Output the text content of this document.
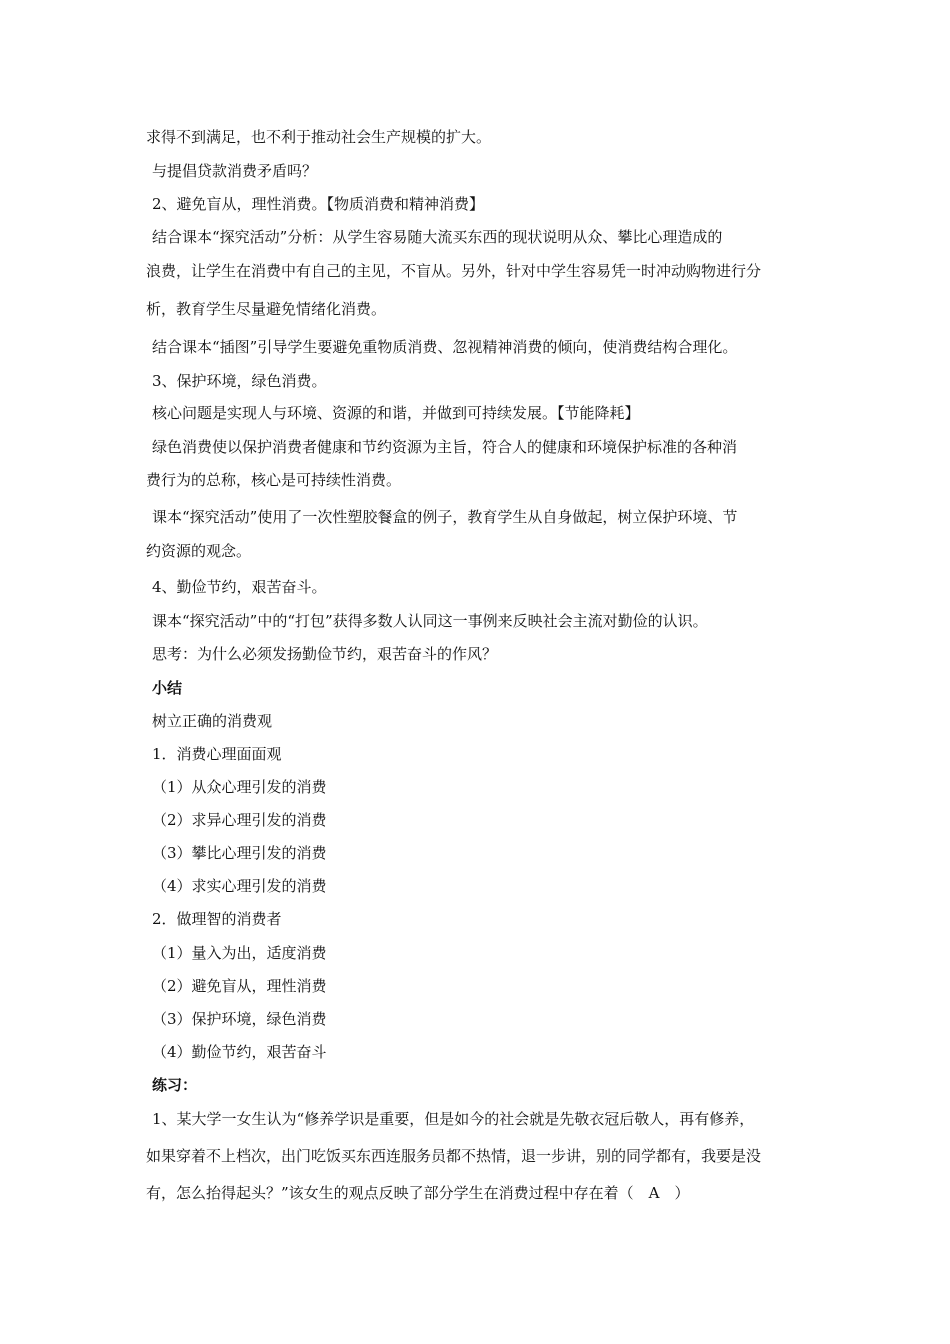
求得不到满足，也不利于推动社会生产规模的扩大。
与提倡贷款消费矛盾吗？
2、避免盲从，理性消费。【物质消费和精神消费】
结合课本“探究活动”分析：从学生容易随大流买东西的现状说明从众、攀比心理造成的
浪费，让学生在消费中有自己的主见，不盲从。另外，针对中学生容易凭一时冲动购物进行分
析，教育学生尽量避免情绪化消费。
结合课本“插图”引导学生要避免重物质消费、忽视精神消费的倾向，使消费结构合理化。
3、保护环境，绿色消费。
核心问题是实现人与环境、资源的和谐，并做到可持续发展。【节能降耗】
绿色消费使以保护消费者健康和节约资源为主旨，符合人的健康和环境保护标准的各种消
费行为的总称，核心是可持续性消费。
课本“探究活动”使用了一次性塑胶餐盒的例子，教育学生从自身做起，树立保护环境、节
约资源的观念。
4、勤俭节约，艰苦奋斗。
课本“探究活动”中的“打包”获得多数人认同这一事例来反映社会主流对勤俭的认识。
思考：为什么必须发扬勤俭节约，艰苦奋斗的作风？
小结
树立正确的消费观
1．消费心理面面观
（1）从众心理引发的消费
（2）求异心理引发的消费
（3）攀比心理引发的消费
（4）求实心理引发的消费
2．做理智的消费者
（1）量入为出，适度消费
（2）避免盲从，理性消费
（3）保护环境，绿色消费
（4）勤俭节约，艰苦奋斗
练习：
1、某大学一女生认为“修养学识是重要，但是如今的社会就是先敬衣冠后敬人，再有修养，
如果穿着不上档次，出门吃饭买东西连服务员都不热情，退一步讲，别的同学都有，我要是没
有，怎么抬得起头？”该女生的观点反映了部分学生在消费过程中存在着（　A　）
